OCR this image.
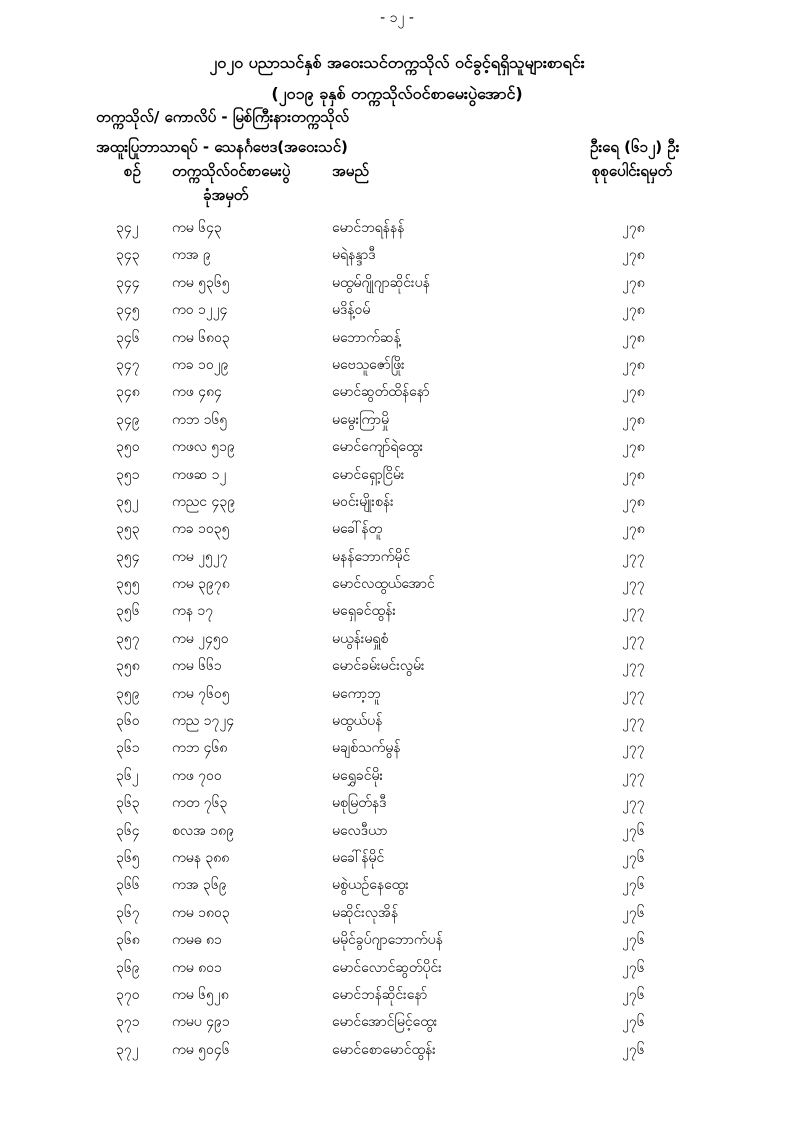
- ၁၂ -
၂၀၂၀ ပညာသင်နှစ် အဝေးသင်တက္ကသိုလ် ဝင်ခွင့်ရရှိသူများစာရင်း
(၂၀၁၉ ခုနှစ် တက္ကသိုလ်ဝင်စာမေးပွဲအောင်)
တက္ကသိုလ်/ ကောလိပ် - မြစ်ကြီးနားတက္ကသိုလ်
အထူးပြုဘာသာရပ် - သေနင်္ဂဗေဒ(အဝေးသင်)	ဦးရေ (၆၁၂) ဦး
စဉ် တက္ကသိုလ်ဝင်စာမေးပွဲ
ခုံအမှတ်
အမည်	စုစုပေါင်းရမှတ်
၃၄၂ ကမ ၆၄၃	မောင်ဘရန်နန်	၂၇၈
၃၄၃ ကအ ၉	မရဲနန္ဒာဒီ	၂၇၈
၃၄၄ ကမ ၅၃၆၅	မထွမ်ဂျိုဂျာဆိုင်းပန်	၂၇၈
၃၄၅ ကဝ ၁၂၂၄	မဒိန့်ဝမ်	၂၇၈
၃၄၆ ကမ ၆၈၀၃	မဘောက်ဆန့်	၂၇၈
၃၄၇ ကခ ၁၀၂၉	မဗေသူဇော်ဖြိုး	၂၇၈
၃၄၈ ကဖ ၄၈၄	မောင်ဆွတ်ထိန်နော်	၂၇၈
၃၄၉ ကဘ ၁၆၅	မမွေးကြာမှို	၂၇၈
၃၅၀ ကဖလ ၅၁၉	မောင်ကျော်ရဲထွေး	၂၇၈
၃၅၁ ကဖဆ ၁၂	မောင်ရှော့ငြိမ်း	၂၇၈
၃၅၂ ကညင ၄၃၉	မဝင်းမျိုးစန်း	၂၇၈
၃၅၃ ကခ ၁၀၃၅	မခေါ်န်တူ	၂၇၈
၃၅၄ ကမ ၂၅၂၇	မနန်ဘောက်မိုင်	၂၇၇
၃၅၅ ကမ ၃၉၇၈	မောင်လထွယ်အောင်	၂၇၇
၃၅၆ ကန ၁၇	မရှေခင်ထွန်း	၂၇၇
၃၅၇ ကမ ၂၄၅၀	မယွန်းမရှူစံ	၂၇၇
၃၅၈ ကမ ၆၆၁	မောင်ခမ်းမင်းလွမ်း	၂၇၇
၃၅၉ ကမ ၇၆၀၅	မကော့ဘူ	၂၇၇
၃၆၀ ကည ၁၇၂၄	မထွယ်ပန်	၂၇၇
၃၆၁ ကဘ ၄၆၈	မချစ်သက်မွန်	၂၇၇
၃၆၂ ကဖ ၇၀၀	မရွှေခင်မိုး	၂၇၇
၃၆၃ ကတ ၇၆၃	မစုမြတ်နဒီ	၂၇၇
၃၆၄ စလအ ၁၈၉	မလေဒီယာ	၂၇၆
၃၆၅ ကမန ၃၈၈	မခေါ်န်မိုင်	၂၇၆
၃၆၆ ကအ ၃၆၉	မစွဲယဉ်နေထွေး	၂၇၆
၃၆၇ ကမ ၁၈၀၃	မဆိုင်းလုအိန်	၂၇၆
၃၆၈ ကမဓ ၈၁	မမိုင်ခွပ်ဂျာဘောက်ပန်	၂၇၆
၃၆၉ ကမ ၈၀၁	မောင်လောင်ဆွတ်ပိုင်း	၂၇၆
၃၇၀ ကမ ၆၅၂၈	မောင်ဘန်ဆိုင်းနော်	၂၇၆
၃၇၁ ကမပ ၄၉၁	မောင်အောင်မြင့်ထွေး	၂၇၆
၃၇၂ ကမ ၅၀၄၆	မောင်စောမောင်ထွန်း	၂၇၆
